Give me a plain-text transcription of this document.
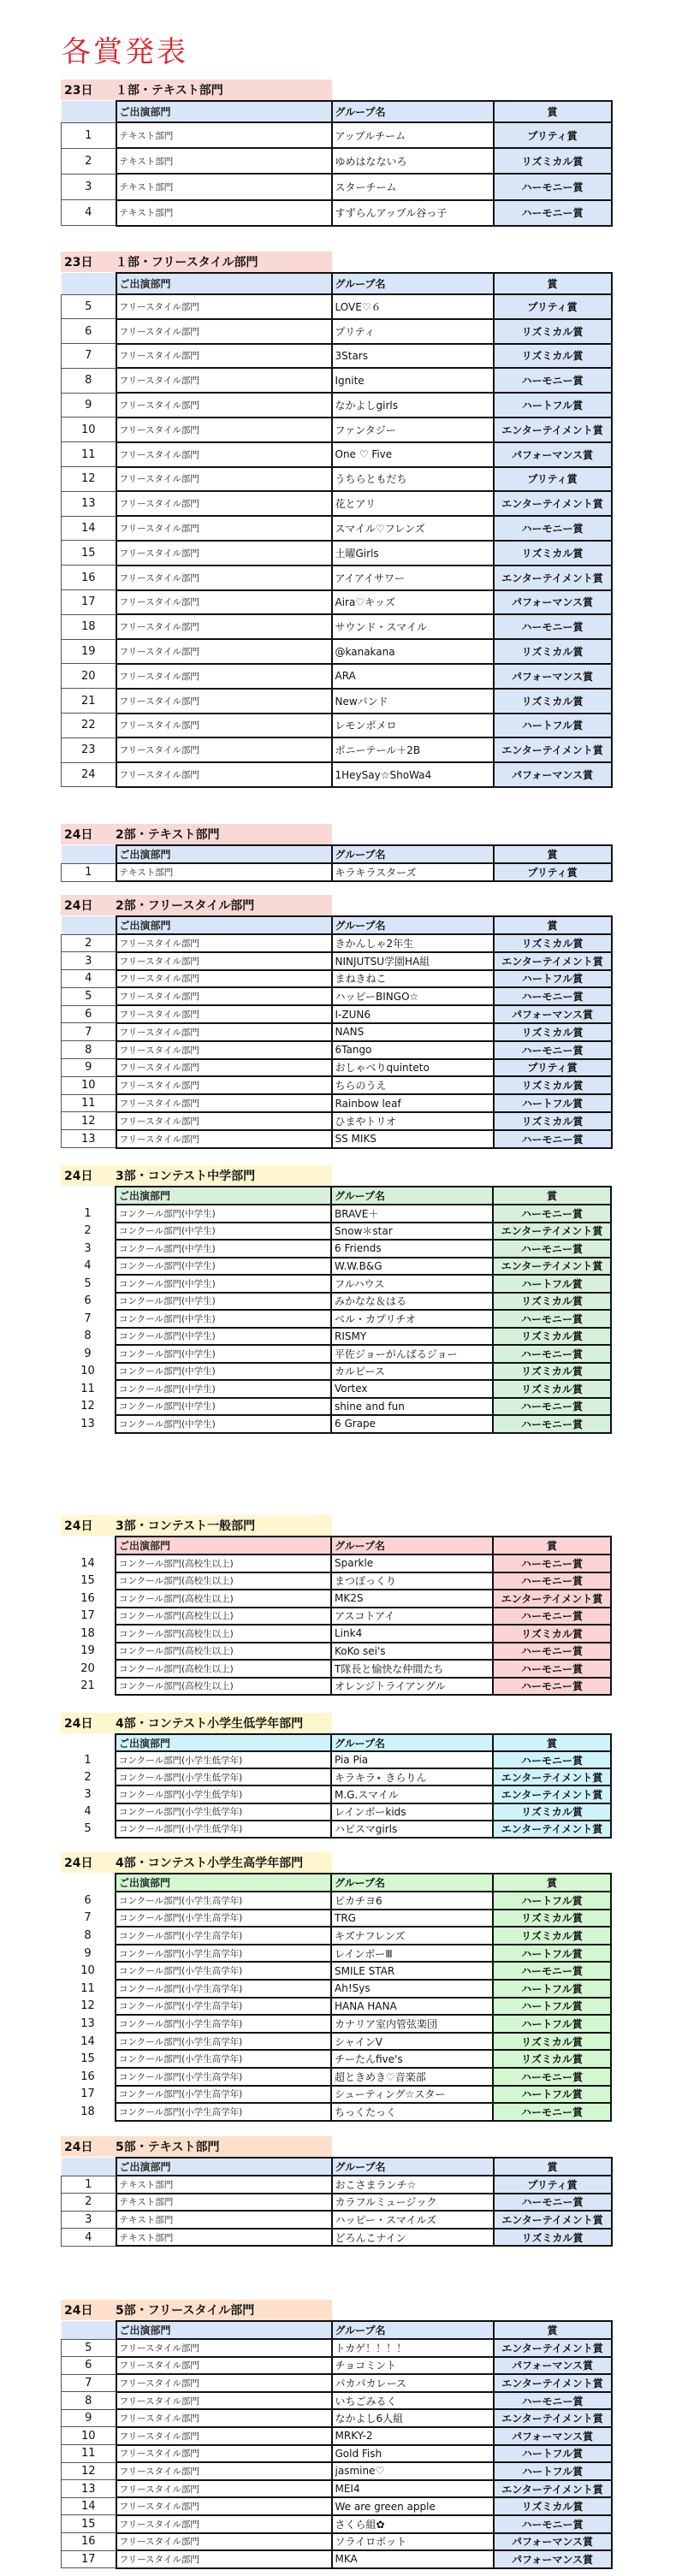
各賞発表
23日	１部・テキスト部門
	ご出演部門	グループ名	賞
1	テキスト部門	アップルチーム	プリティ賞
2	テキスト部門	ゆめはなないろ	リズミカル賞
3	テキスト部門	スターチーム	ハーモニー賞
4	テキスト部門	すずらんアップル谷っ子	ハーモニー賞
23日	１部・フリースタイル部門
	ご出演部門	グループ名	賞
5	フリースタイル部門	LOVE♡６	プリティ賞
6	フリースタイル部門	プリティ	リズミカル賞
7	フリースタイル部門	3Stars	リズミカル賞
8	フリースタイル部門	Ignite	ハーモニー賞
9	フリースタイル部門	なかよしgirls	ハートフル賞
10	フリースタイル部門	ファンタジー	エンターテイメント賞
11	フリースタイル部門	One ♡ Five	パフォーマンス賞
12	フリースタイル部門	うちらともだち	プリティ賞
13	フリースタイル部門	花とアリ	エンターテイメント賞
14	フリースタイル部門	スマイル♡フレンズ	ハーモニー賞
15	フリースタイル部門	土曜Girls	リズミカル賞
16	フリースタイル部門	アイアイサワー	エンターテイメント賞
17	フリースタイル部門	Aira♡キッズ	パフォーマンス賞
18	フリースタイル部門	サウンド・スマイル	ハーモニー賞
19	フリースタイル部門	@kanakana	リズミカル賞
20	フリースタイル部門	ARA	パフォーマンス賞
21	フリースタイル部門	Newバンド	リズミカル賞
22	フリースタイル部門	レモンポメロ	ハートフル賞
23	フリースタイル部門	ポニーテール＋2B	エンターテイメント賞
24	フリースタイル部門	1HeySay☆ShoWa4	パフォーマンス賞
24日	2部・テキスト部門
	ご出演部門	グループ名	賞
1	テキスト部門	キラキラスターズ	プリティ賞
24日	2部・フリースタイル部門
	ご出演部門	グループ名	賞
2	フリースタイル部門	きかんしゃ2年生	リズミカル賞
3	フリースタイル部門	NINJUTSU学園HA組	エンターテイメント賞
4	フリースタイル部門	まねきねこ	ハートフル賞
5	フリースタイル部門	ハッピーBINGO☆	ハーモニー賞
6	フリースタイル部門	I-ZUN6	パフォーマンス賞
7	フリースタイル部門	NANS	リズミカル賞
8	フリースタイル部門	6Tango	ハーモニー賞
9	フリースタイル部門	おしゃべりquinteto	プリティ賞
10	フリースタイル部門	ちらのうえ	リズミカル賞
11	フリースタイル部門	Rainbow leaf	ハートフル賞
12	フリースタイル部門	ひまやトリオ	リズミカル賞
13	フリースタイル部門	SS MIKS	ハーモニー賞
24日	3部・コンテスト中学部門
	ご出演部門	グループ名	賞
1	コンクール部門(中学生)	BRAVE＋	ハーモニー賞
2	コンクール部門(中学生)	Snow＊star	エンターテイメント賞
3	コンクール部門(中学生)	6 Friends	ハーモニー賞
4	コンクール部門(中学生)	W.W.B&G	エンターテイメント賞
5	コンクール部門(中学生)	フルハウス	ハートフル賞
6	コンクール部門(中学生)	みかなな＆はる	リズミカル賞
7	コンクール部門(中学生)	ベル・カプリチオ	ハーモニー賞
8	コンクール部門(中学生)	RISMY	リズミカル賞
9	コンクール部門(中学生)	平佐ジョーがんばるジョー	ハーモニー賞
10	コンクール部門(中学生)	カルピース	リズミカル賞
11	コンクール部門(中学生)	Vortex	リズミカル賞
12	コンクール部門(中学生)	shine and fun	ハーモニー賞
13	コンクール部門(中学生)	6 Grape	ハーモニー賞
24日	3部・コンテスト一般部門
	ご出演部門	グループ名	賞
14	コンクール部門(高校生以上)	Sparkle	ハーモニー賞
15	コンクール部門(高校生以上)	まつぼっくり	ハーモニー賞
16	コンクール部門(高校生以上)	MK2S	エンターテイメント賞
17	コンクール部門(高校生以上)	アスコトアイ	ハーモニー賞
18	コンクール部門(高校生以上)	Link4	リズミカル賞
19	コンクール部門(高校生以上)	KoKo sei's	ハーモニー賞
20	コンクール部門(高校生以上)	T隊長と愉快な仲間たち	ハーモニー賞
21	コンクール部門(高校生以上)	オレンジトライアングル	ハーモニー賞
24日	4部・コンテスト小学生低学年部門
	ご出演部門	グループ名	賞
1	コンクール部門(小学生低学年)	Pia Pia	ハーモニー賞
2	コンクール部門(小学生低学年)	キラキラ⋆ きらりん	エンターテイメント賞
3	コンクール部門(小学生低学年)	M.G.スマイル	エンターテイメント賞
4	コンクール部門(小学生低学年)	レインボーkids	リズミカル賞
5	コンクール部門(小学生低学年)	ハピスマgirls	エンターテイメント賞
24日	4部・コンテスト小学生高学年部門
	ご出演部門	グループ名	賞
6	コンクール部門(小学生高学年)	ピカチヨ6	ハートフル賞
7	コンクール部門(小学生高学年)	TRG	リズミカル賞
8	コンクール部門(小学生高学年)	キズナフレンズ	リズミカル賞
9	コンクール部門(小学生高学年)	レインボーⅢ	ハートフル賞
10	コンクール部門(小学生高学年)	SMILE STAR	ハーモニー賞
11	コンクール部門(小学生高学年)	Ah!Sys	ハートフル賞
12	コンクール部門(小学生高学年)	HANA HANA	ハートフル賞
13	コンクール部門(小学生高学年)	カナリア室内管弦楽団	ハートフル賞
14	コンクール部門(小学生高学年)	シャインⅤ	リズミカル賞
15	コンクール部門(小学生高学年)	チーたんfive's	リズミカル賞
16	コンクール部門(小学生高学年)	超ときめき♡音楽部	ハーモニー賞
17	コンクール部門(小学生高学年)	シューティング☆スター	ハートフル賞
18	コンクール部門(小学生高学年)	ちっくたっく	ハーモニー賞
24日	5部・テキスト部門
	ご出演部門	グループ名	賞
1	テキスト部門	おこさまランチ☆	プリティ賞
2	テキスト部門	カラフルミュージック	ハーモニー賞
3	テキスト部門	ハッピー・スマイルズ	エンターテイメント賞
4	テキスト部門	どろんこナイン	リズミカル賞
24日	5部・フリースタイル部門
	ご出演部門	グループ名	賞
5	フリースタイル部門	トカゲ！！！！	エンターテイメント賞
6	フリースタイル部門	チョコミント	パフォーマンス賞
7	フリースタイル部門	パカパカレース	エンターテイメント賞
8	フリースタイル部門	いちごみるく	ハーモニー賞
9	フリースタイル部門	なかよし6人組	エンターテイメント賞
10	フリースタイル部門	MRKY-2	パフォーマンス賞
11	フリースタイル部門	Gold Fish	ハートフル賞
12	フリースタイル部門	jasmine♡	ハートフル賞
13	フリースタイル部門	MEI4	エンターテイメント賞
14	フリースタイル部門	We are green apple	リズミカル賞
15	フリースタイル部門	さくら組✿	ハーモニー賞
16	フリースタイル部門	ソライロボット	パフォーマンス賞
17	フリースタイル部門	MKA	パフォーマンス賞
